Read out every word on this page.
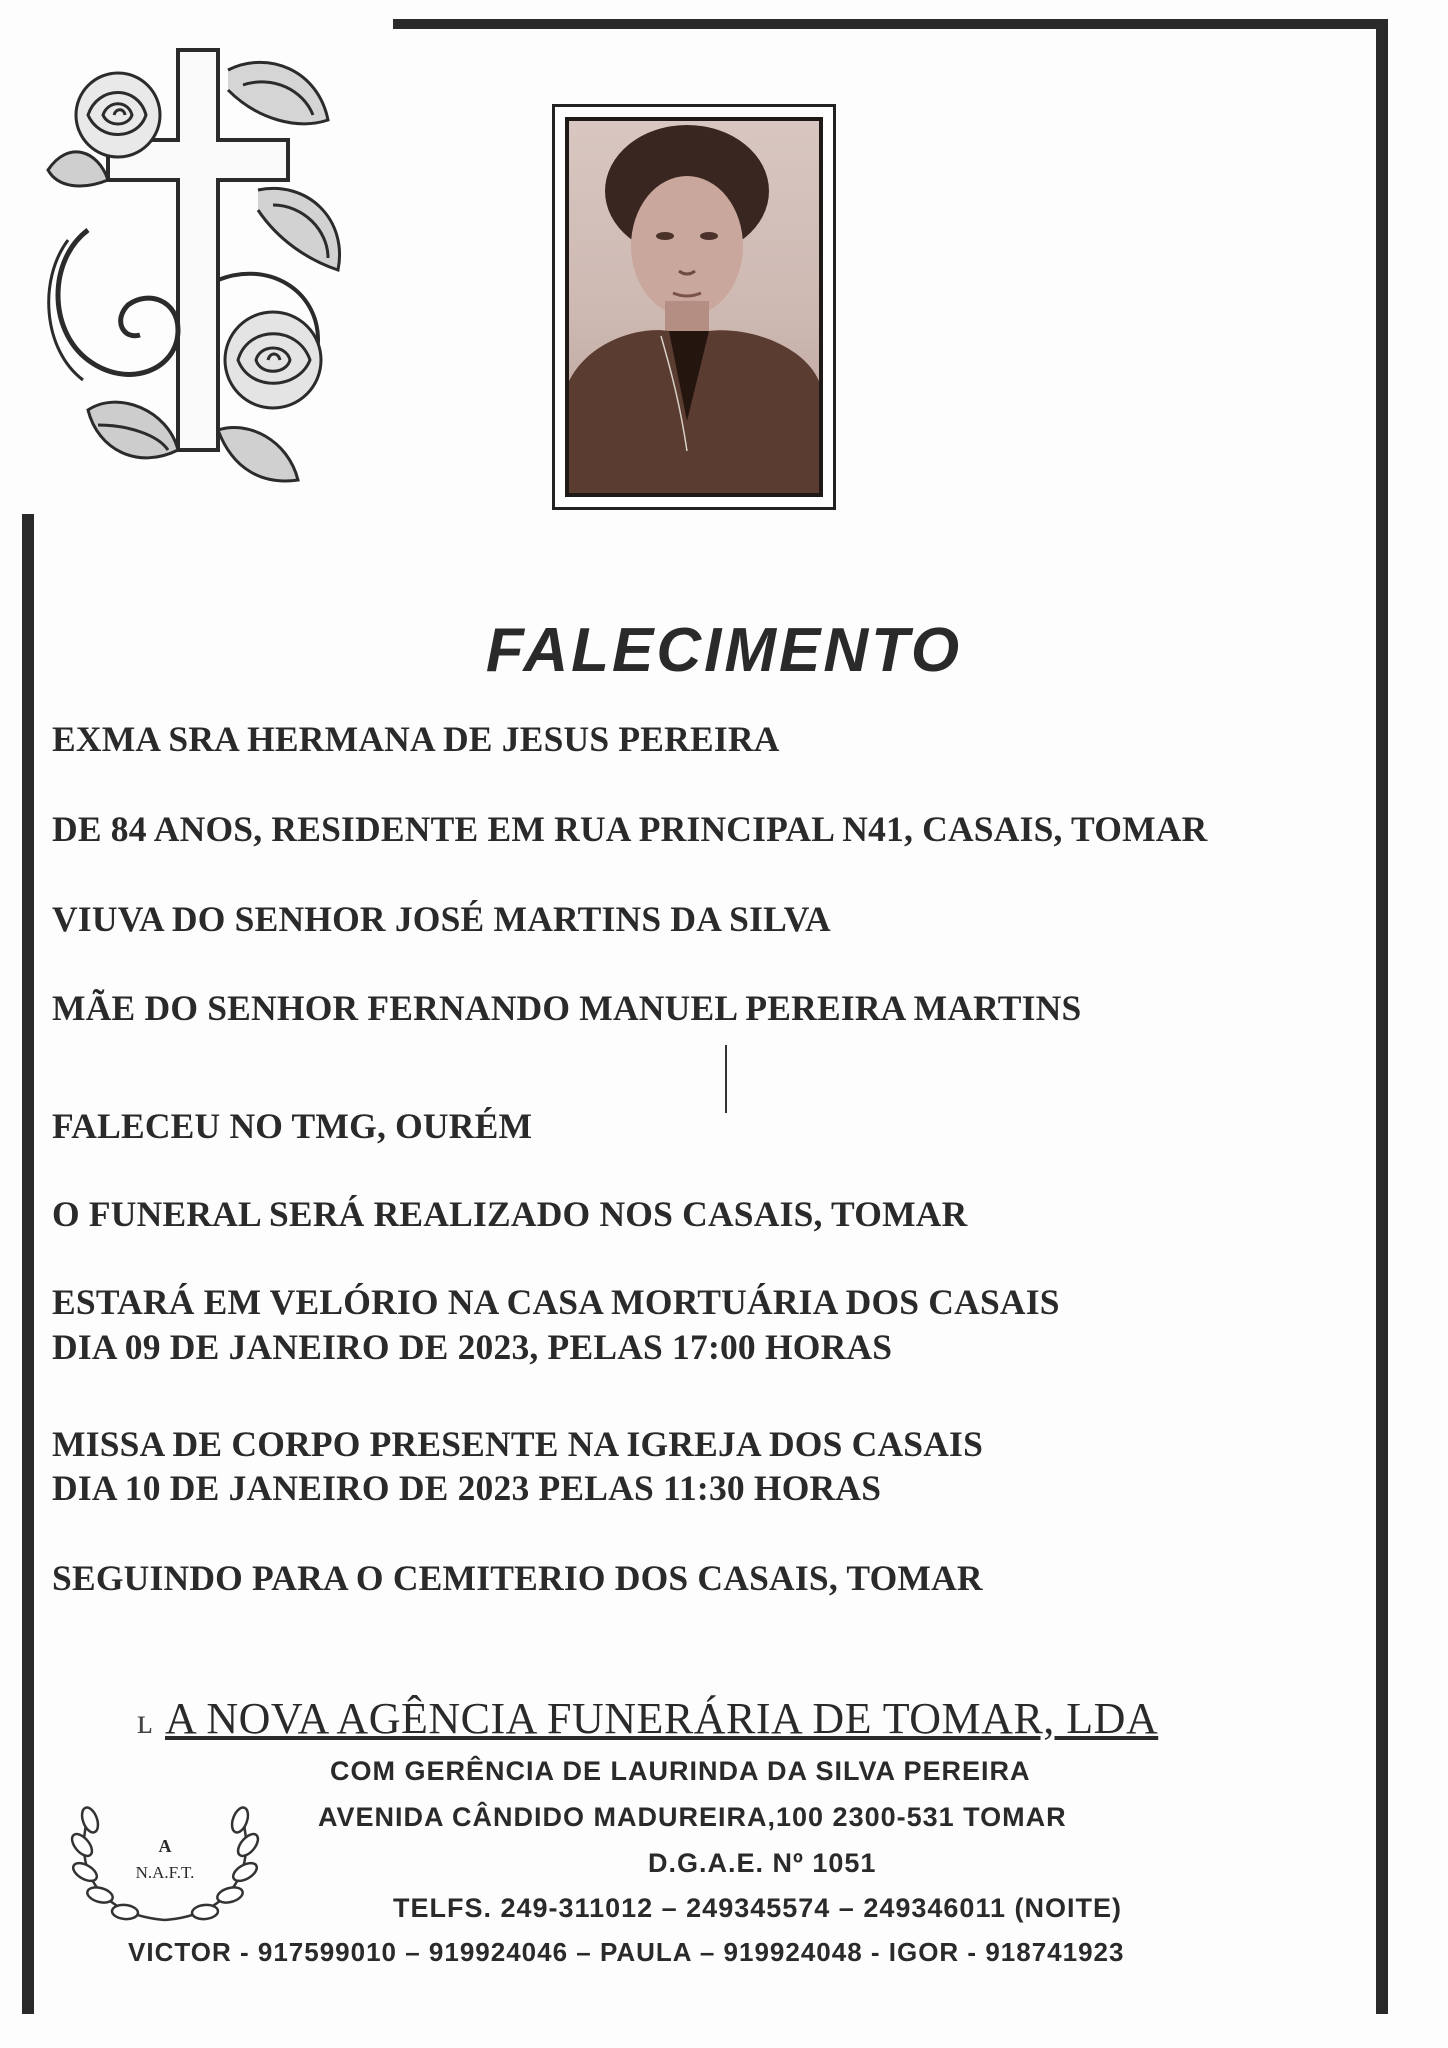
FALECIMENTO
EXMA SRA HERMANA DE JESUS PEREIRA
DE 84 ANOS, RESIDENTE EM RUA PRINCIPAL N41, CASAIS, TOMAR
VIUVA DO SENHOR JOSÉ MARTINS DA SILVA
MÃE DO SENHOR FERNANDO MANUEL PEREIRA MARTINS
FALECEU NO TMG, OURÉM
O FUNERAL SERÁ REALIZADO NOS CASAIS, TOMAR
ESTARÁ EM VELÓRIO NA CASA MORTUÁRIA DOS CASAIS
DIA 09 DE JANEIRO DE 2023, PELAS 17:00 HORAS
MISSA DE CORPO PRESENTE NA IGREJA DOS CASAIS
DIA 10 DE JANEIRO DE 2023 PELAS 11:30 HORAS
SEGUINDO PARA O CEMITERIO DOS CASAIS, TOMAR
ʟ A NOVA AGÊNCIA FUNERÁRIA DE TOMAR, LDA
COM GERÊNCIA DE LAURINDA DA SILVA PEREIRA
AVENIDA CÂNDIDO MADUREIRA,100 2300-531 TOMAR
D.G.A.E. Nº 1051
TELFS. 249-311012 – 249345574 – 249346011 (NOITE)
VICTOR - 917599010 – 919924046 – PAULA – 919924048 - IGOR - 918741923
A
N.A.F.T.
